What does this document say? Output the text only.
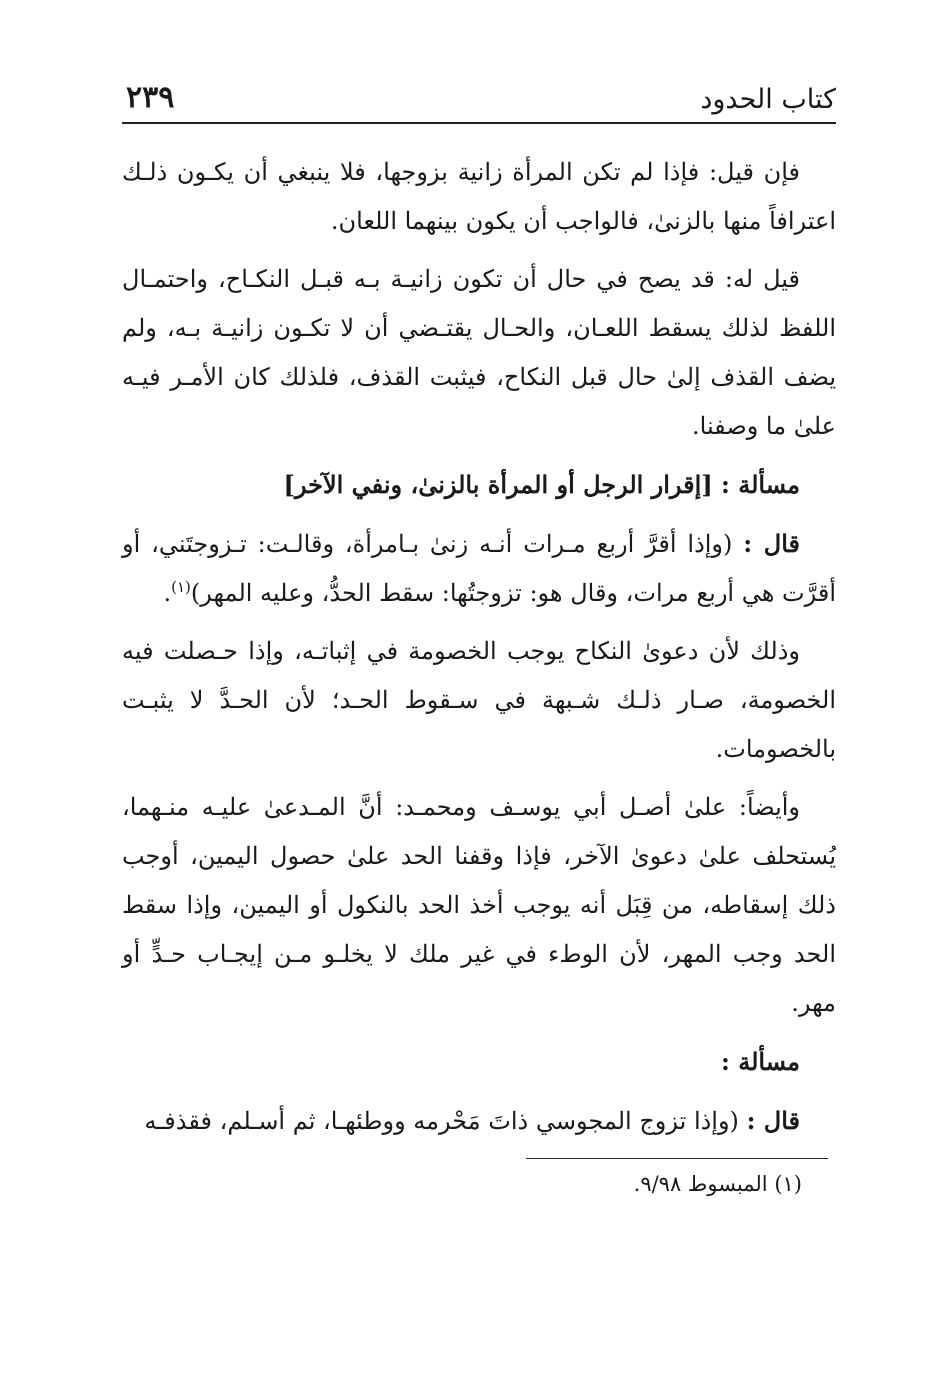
كتاب الحدود
٢٣٩

فإن قيل: فإذا لم تكن المرأة زانية بزوجها، فلا ينبغي أن يكـون ذلـك اعترافاً منها بالزنىٰ، فالواجب أن يكون بينهما اللعان.

قيل له: قد يصح في حال أن تكون زانيـة بـه قبـل النكـاح، واحتمـال اللفظ لذلك يسقط اللعـان، والحـال يقتـضي أن لا تكـون زانيـة بـه، ولم يضف القذف إلىٰ حال قبل النكاح، فيثبت القذف، فلذلك كان الأمـر فيـه علىٰ ما وصفنا.

مسألة : [إقرار الرجل أو المرأة بالزنىٰ، ونفي الآخر]

قال : (وإذا أقرَّ أربع مـرات أنـه زنىٰ بـامرأة، وقالـت: تـزوجتَني، أو أقرَّت هي أربع مرات، وقال هو: تزوجتُها: سقط الحدُّ، وعليه المهر)$^{(١)}$.

وذلك لأن دعوىٰ النكاح يوجب الخصومة في إثباتـه، وإذا حـصلت فيه الخصومة، صـار ذلـك شـبهة في سـقوط الحـد؛ لأن الحـدَّ لا يثبـت بالخصومات.

وأيضاً: علىٰ أصـل أبي يوسـف ومحمـد: أنَّ المـدعىٰ عليـه منـهما، يُستحلف علىٰ دعوىٰ الآخر، فإذا وقفنا الحد علىٰ حصول اليمين، أوجب ذلك إسقاطه، من قِبَل أنه يوجب أخذ الحد بالنكول أو اليمين، وإذا سقط الحد وجب المهر، لأن الوطء في غير ملك لا يخلـو مـن إيجـاب حـدٍّ أو مهر.

مسألة :

قال : (وإذا تزوج المجوسي ذاتَ مَحْرمه ووطئهـا، ثم أسـلم، فقذفـه

(١) المبسوط ٩/٩٨.
